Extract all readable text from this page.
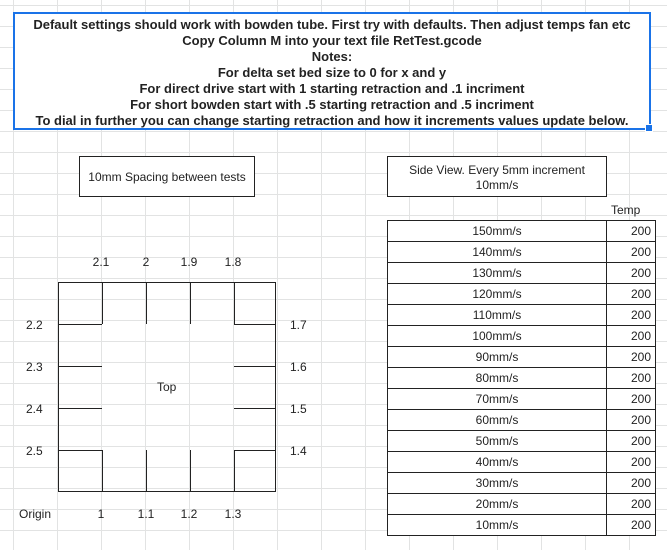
Default settings should work with bowden tube. First try with defaults. Then adjust temps fan etc
Copy Column M into your text file RetTest.gcode
Notes:
For delta set bed size to 0 for x and y
For direct drive start with 1 starting retraction and .1 incriment
For short bowden start with .5 starting retraction and .5 incriment
To dial in further you can change starting retraction and how it increments values update below.
10mm Spacing between tests	Side View. Every 5mm increment
10mm/s
Temp
2.1	2	1.9	1.8
2.2
2.3
2.4
2.5
1.7
1.6
1.5
1.4
1	1.1	1.2	1.3
Top
Origin
150mm/s	200
140mm/s	200
130mm/s	200
120mm/s	200
110mm/s	200
100mm/s	200
90mm/s	200
80mm/s	200
70mm/s	200
60mm/s	200
50mm/s	200
40mm/s	200
30mm/s	200
20mm/s	200
10mm/s	200
